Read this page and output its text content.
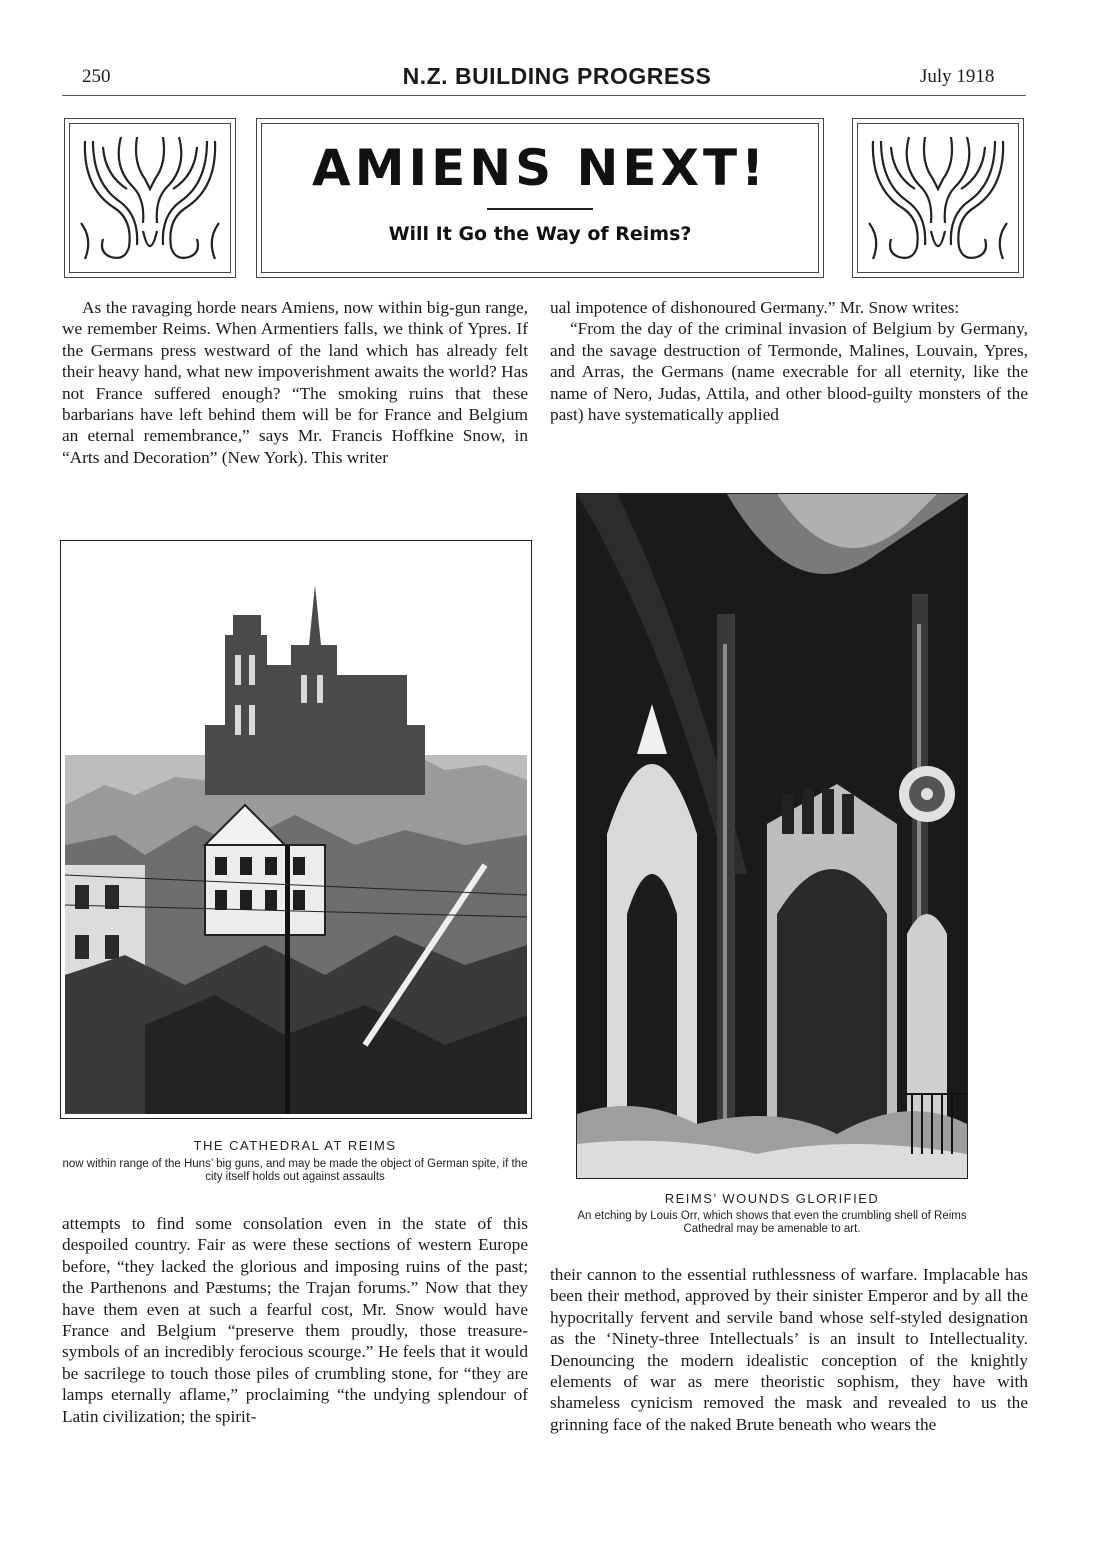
250	N.Z. BUILDING PROGRESS	July 1918
AMIENS NEXT!
Will It Go the Way of Reims?
As the ravaging horde nears Amiens, now within big-gun range, we remember Reims. When Armentiers falls, we think of Ypres. If the Germans press westward of the land which has already felt their heavy hand, what new impoverishment awaits the world? Has not France suffered enough? “The smoking ruins that these barbarians have left behind them will be for France and Belgium an eternal remembrance,” says Mr. Francis Hoffkine Snow, in “Arts and Decoration” (New York). This writer
THE CATHEDRAL AT REIMS
now within range of the Huns’ big guns, and may be made the object of German spite, if the city itself holds out against assaults
attempts to find some consolation even in the state of this despoiled country. Fair as were these sections of western Europe before, “they lacked the glorious and imposing ruins of the past; the Parthenons and Pæstums; the Trajan forums.” Now that they have them even at such a fearful cost, Mr. Snow would have France and Belgium “preserve them proudly, those treasure-symbols of an incredibly ferocious scourge.” He feels that it would be sacrilege to touch those piles of crumbling stone, for “they are lamps eternally aflame,” proclaiming “the undying splendour of Latin civilization; the spirit-

ual impotence of dishonoured Germany.” Mr. Snow writes:

“From the day of the criminal invasion of Belgium by Germany, and the savage destruction of Termonde, Malines, Louvain, Ypres, and Arras, the Germans (name execrable for all eternity, like the name of Nero, Judas, Attila, and other blood-guilty monsters of the past) have systematically applied

REIMS’ WOUNDS GLORIFIED
An etching by Louis Orr, which shows that even the crumbling shell of Reims Cathedral may be amenable to art.
their cannon to the essential ruthlessness of warfare. Implacable has been their method, approved by their sinister Emperor and by all the hypocritally fervent and servile band whose self-styled designation as the ‘Ninety-three Intellectuals’ is an insult to Intellectuality. Denouncing the modern idealistic conception of the knightly elements of war as mere theoristic sophism, they have with shameless cynicism removed the mask and revealed to us the grinning face of the naked Brute beneath who wears the
